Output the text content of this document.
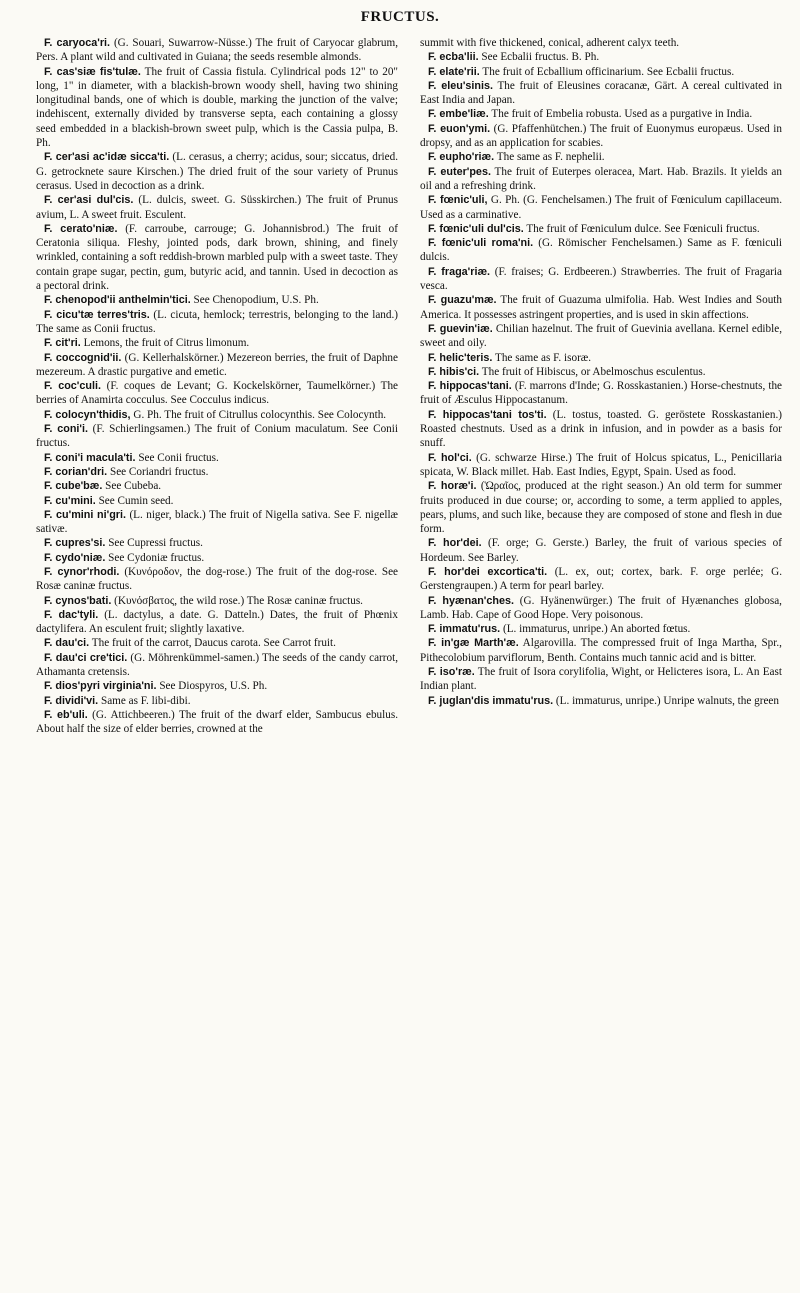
FRUCTUS.

F. caryoca'ri. (G. Souari, Suwarrow-Nüsse.) The fruit of Caryocar glabrum, Pers. A plant wild and cultivated in Guiana; the seeds resemble almonds.

F. cas'siæ fis'tulæ. The fruit of Cassia fistula. Cylindrical pods 12" to 20" long, 1" in diameter, with a blackish-brown woody shell, having two shining longitudinal bands, one of which is double, marking the junction of the valve; indehiscent, externally divided by transverse septa, each containing a glossy seed embedded in a blackish-brown sweet pulp, which is the Cassia pulpa, B. Ph.

F. cer'asi ac'idæ sicca'ti. (L. cerasus, a cherry; acidus, sour; siccatus, dried. G. getrocknete saure Kirschen.) The dried fruit of the sour variety of Prunus cerasus. Used in decoction as a drink.

F. cer'asi dul'cis. (L. dulcis, sweet. G. Süsskirchen.) The fruit of Prunus avium, L. A sweet fruit. Esculent.

F. cerato'niæ. (F. carroube, carrouge; G. Johannisbrod.) The fruit of Ceratonia siliqua. Fleshy, jointed pods, dark brown, shining, and finely wrinkled, containing a soft reddish-brown marbled pulp with a sweet taste. They contain grape sugar, pectin, gum, butyric acid, and tannin. Used in decoction as a pectoral drink.

F. chenopod'ii anthelmin'tici. See Chenopodium, U.S. Ph.

F. cicu'tæ terres'tris. (L. cicuta, hemlock; terrestris, belonging to the land.) The same as Conii fructus.

F. cit'ri. Lemons, the fruit of Citrus limonum.

F. coccognid'ii. (G. Kellerhalskörner.) Mezereon berries, the fruit of Daphne mezereum. A drastic purgative and emetic.

F. coc'culi. (F. coques de Levant; G. Kockelskörner, Taumelkörner.) The berries of Anamirta cocculus. See Cocculus indicus.

F. colocyn'thidis, G. Ph. The fruit of Citrullus colocynthis. See Colocynth.

F. coni'i. (F. Schierlingsamen.) The fruit of Conium maculatum. See Conii fructus.

F. coni'i macula'ti. See Conii fructus.

F. corian'dri. See Coriandri fructus.

F. cube'bæ. See Cubeba.

F. cu'mini. See Cumin seed.

F. cu'mini ni'gri. (L. niger, black.) The fruit of Nigella sativa. See F. nigellæ sativæ.

F. cupres'si. See Cupressi fructus.

F. cydo'niæ. See Cydoniæ fructus.

F. cynor'rhodi. (Κυνόροδον, the dog-rose.) The fruit of the dog-rose. See Rosæ caninæ fructus.

F. cynos'bati. (Κυνόσβατος, the wild rose.) The Rosæ caninæ fructus.

F. dac'tyli. (L. dactylus, a date. G. Datteln.) Dates, the fruit of Phœnix dactylifera. An esculent fruit; slightly laxative.

F. dau'ci. The fruit of the carrot, Daucus carota. See Carrot fruit.

F. dau'ci cre'tici. (G. Möhrenkümmel-samen.) The seeds of the candy carrot, Athamanta cretensis.

F. dios'pyri virginia'ni. See Diospyros, U.S. Ph.

F. dividi'vi. Same as F. libi-dibi.

F. eb'uli. (G. Attichbeeren.) The fruit of the dwarf elder, Sambucus ebulus. About half the size of elder berries, crowned at the

summit with five thickened, conical, adherent calyx teeth.

F. ecba'lii. See Ecbalii fructus. B. Ph.

F. elate'rii. The fruit of Ecballium officinarium. See Ecbalii fructus.

F. eleu'sinis. The fruit of Eleusines coracanæ, Gärt. A cereal cultivated in East India and Japan.

F. embe'liæ. The fruit of Embelia robusta. Used as a purgative in India.

F. euon'ymi. (G. Pfaffenhütchen.) The fruit of Euonymus europæus. Used in dropsy, and as an application for scabies.

F. eupho'riæ. The same as F. nephelii.

F. euter'pes. The fruit of Euterpes oleracea, Mart. Hab. Brazils. It yields an oil and a refreshing drink.

F. fœnic'uli, G. Ph. (G. Fenchelsamen.) The fruit of Fœniculum capillaceum. Used as a carminative.

F. fœnic'uli dul'cis. The fruit of Fœniculum dulce. See Fœniculi fructus.

F. fœnic'uli roma'ni. (G. Römischer Fenchelsamen.) Same as F. fœniculi dulcis.

F. fraga'riæ. (F. fraises; G. Erdbeeren.) Strawberries. The fruit of Fragaria vesca.

F. guazu'mæ. The fruit of Guazuma ulmifolia. Hab. West Indies and South America. It possesses astringent properties, and is used in skin affections.

F. guevin'iæ. Chilian hazelnut. The fruit of Guevinia avellana. Kernel edible, sweet and oily.

F. helic'teris. The same as F. isoræ.

F. hibis'ci. The fruit of Hibiscus, or Abelmoschus esculentus.

F. hippocas'tani. (F. marrons d'Inde; G. Rosskastanien.) Horse-chestnuts, the fruit of Æsculus Hippocastanum.

F. hippocas'tani tos'ti. (L. tostus, toasted. G. geröstete Rosskastanien.) Roasted chestnuts. Used as a drink in infusion, and in powder as a basis for snuff.

F. hol'ci. (G. schwarze Hirse.) The fruit of Holcus spicatus, L., Penicillaria spicata, W. Black millet. Hab. East Indies, Egypt, Spain. Used as food.

F. horæ'i. (Ὡραῖος, produced at the right season.) An old term for summer fruits produced in due course; or, according to some, a term applied to apples, pears, plums, and such like, because they are composed of stone and flesh in due form.

F. hor'dei. (F. orge; G. Gerste.) Barley, the fruit of various species of Hordeum. See Barley.

F. hor'dei excortica'ti. (L. ex, out; cortex, bark. F. orge perlée; G. Gerstengraupen.) A term for pearl barley.

F. hyænan'ches. (G. Hyänenwürger.) The fruit of Hyænanches globosa, Lamb. Hab. Cape of Good Hope. Very poisonous.

F. immatu'rus. (L. immaturus, unripe.) An aborted fœtus.

F. in'gæ Marth'æ. Algarovilla. The compressed fruit of Inga Martha, Spr., Pithecolobium parviflorum, Benth. Contains much tannic acid and is bitter.

F. iso'ræ. The fruit of Isora corylifolia, Wight, or Helicteres isora, L. An East Indian plant.

F. juglan'dis immatu'rus. (L. immaturus, unripe.) Unripe walnuts, the green
